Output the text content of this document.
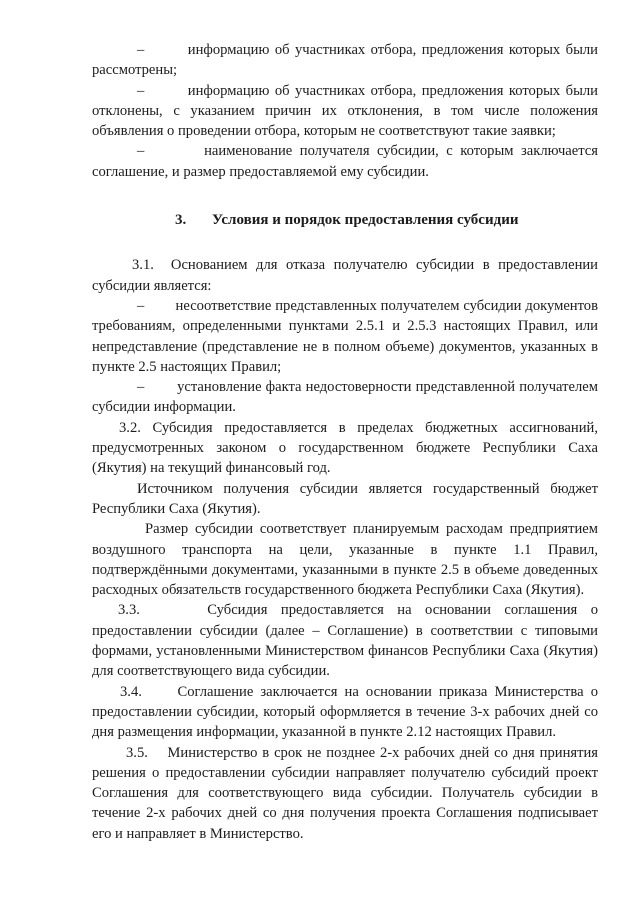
–        информацию об участниках отбора, предложения которых были рассмотрены;

–        информацию об участниках отбора, предложения которых были отклонены, с указанием причин их отклонения, в том числе положения объявления о проведении отбора, которым не соответствуют такие заявки;

–        наименование получателя субсидии, с которым заключается соглашение, и размер предоставляемой ему субсидии.

3. Условия и порядок предоставления субсидии

3.1.  Основанием для отказа получателю субсидии в предоставлении субсидии является:

–        несоответствие представленных получателем субсидии документов требованиям, определенными пунктами 2.5.1 и 2.5.3 настоящих Правил, или непредставление (представление не в полном объеме) документов, указанных в пункте 2.5 настоящих Правил;

–        установление факта недостоверности представленной получателем субсидии информации.

3.2. Субсидия предоставляется в пределах бюджетных ассигнований, предусмотренных законом о государственном бюджете Республики Саха (Якутия) на текущий финансовый год.

Источником получения субсидии является государственный бюджет Республики Саха (Якутия).

Размер субсидии соответствует планируемым расходам предприятием воздушного транспорта на цели, указанные в пункте 1.1 Правил, подтверждёнными документами, указанными в пункте 2.5 в объеме доведенных расходных обязательств государственного бюджета Республики Саха (Якутия).

3.3.     Субсидия предоставляется на основании соглашения о предоставлении субсидии (далее – Соглашение) в соответствии с типовыми формами, установленными Министерством финансов Республики Саха (Якутия) для соответствующего вида субсидии.

3.4.     Соглашение заключается на основании приказа Министерства о предоставлении субсидии, который оформляется в течение 3-х рабочих дней со дня размещения информации, указанной в пункте 2.12 настоящих Правил.

3.5.    Министерство в срок не позднее 2-х рабочих дней со дня принятия решения о предоставлении субсидии направляет получателю субсидий проект Соглашения для соответствующего вида субсидии. Получатель субсидии в течение 2-х рабочих дней со дня получения проекта Соглашения подписывает его и направляет в Министерство.
